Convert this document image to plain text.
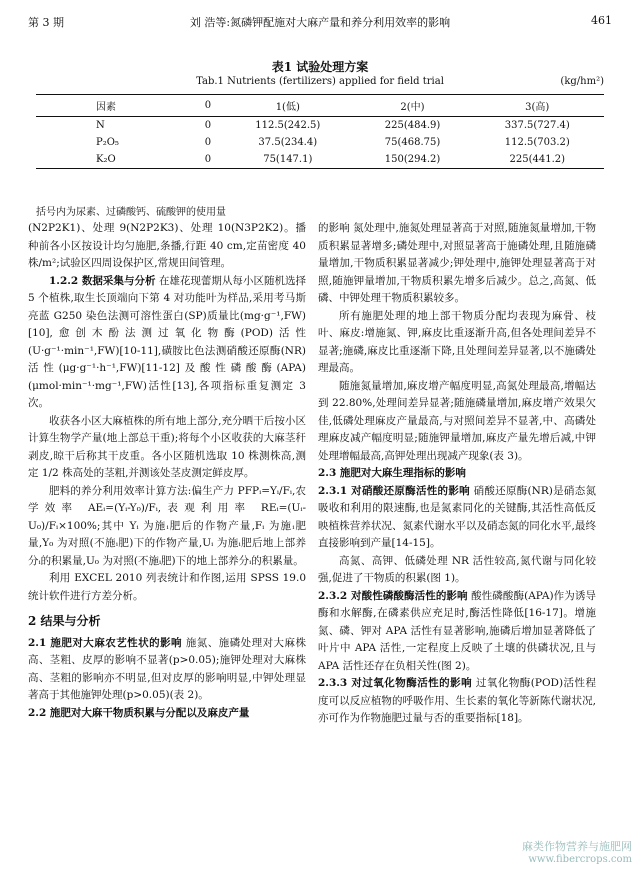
第 3 期	刘 浩等:氮磷钾配施对大麻产量和养分利用效率的影响	461
表1 试验处理方案
Tab.1 Nutrients (fertilizers) applied for field trial	(kg/hm²)
因素	0	1(低)	2(中)	3(高)
N	0	112.5(242.5)	225(484.9)	337.5(727.4)
P₂O₅	0	37.5(234.4)	75(468.75)	112.5(703.2)
K₂O	0	75(147.1)	150(294.2)	225(441.2)
括号内为尿素、过磷酸钙、硫酸钾的使用量

(N2P2K1)、处理 9(N2P2K3)、处理 10(N3P2K2)。播种前各小区按设计均匀施肥,条播,行距 40 cm,定苗密度 40 株/m²;试验区四周设保护区,常规田间管理。

1.2.2 数据采集与分析 在雄花现蕾期从每小区随机选择 5 个植株,取生长顶端向下第 4 对功能叶为样品,采用考马斯亮蓝 G250 染色法测可溶性蛋白(SP)质量比(mg·g⁻¹,FW)[10],愈创木酚法测过氧化物酶(POD)活性(U·g⁻¹·min⁻¹,FW)[10-11],磺胺比色法测硝酸还原酶(NR)活性(μg·g⁻¹·h⁻¹,FW)[11-12]及酸性磷酸酶(APA)(μmol·min⁻¹·mg⁻¹,FW)活性[13],各项指标重复测定 3 次。

收获各小区大麻植株的所有地上部分,充分晒干后按小区计算生物学产量(地上部总干重);将每个小区收获的大麻茎秆剥皮,晾干后称其干皮重。各小区随机选取 10 株测株高,测定 1/2 株高处的茎粗,并测该处茎皮测定鲜皮厚。

肥料的养分利用效率计算方法:偏生产力 PFPᵢ=Yᵢ/Fᵢ,农学效率 AEᵢ=(Yᵢ-Y₀)/Fᵢ,表观利用率 REᵢ=(Uᵢ-U₀)/Fᵢ×100%;其中 Yᵢ 为施ᵢ肥后的作物产量,Fᵢ 为施ᵢ肥量,Y₀ 为对照(不施ᵢ肥)下的作物产量,Uᵢ 为施ᵢ肥后地上部养分ᵢ的积累量,U₀ 为对照(不施ᵢ肥)下的地上部养分ᵢ的积累量。

利用 EXCEL 2010 列表统计和作图,运用 SPSS 19.0 统计软件进行方差分析。

2 结果与分析

2.1 施肥对大麻农艺性状的影响 施氮、施磷处理对大麻株高、茎粗、皮厚的影响不显著(p>0.05);施钾处理对大麻株高、茎粗的影响亦不明显,但对皮厚的影响明显,中钾处理显著高于其他施钾处理(p>0.05)(表 2)。

2.2 施肥对大麻干物质积累与分配以及麻皮产量

的影响 氮处理中,施氮处理显著高于对照,随施氮量增加,干物质积累显著增多;磷处理中,对照显著高于施磷处理,且随施磷量增加,干物质积累显著减少;钾处理中,施钾处理显著高于对照,随施钾量增加,干物质积累先增多后减少。总之,高氮、低磷、中钾处理干物质积累较多。

所有施肥处理的地上部干物质分配均表现为麻骨、枝叶、麻皮:增施氮、钾,麻皮比重逐渐升高,但各处理间差异不显著;施磷,麻皮比重逐渐下降,且处理间差异显著,以不施磷处理最高。

随施氮量增加,麻皮增产幅度明显,高氮处理最高,增幅达到 22.80%,处理间差异显著;随施磷量增加,麻皮增产效果欠佳,低磷处理麻皮产量最高,与对照间差异不显著,中、高磷处理麻皮减产幅度明显;随施钾量增加,麻皮产量先增后减,中钾处理增幅最高,高钾处理出现减产现象(表 3)。

2.3 施肥对大麻生理指标的影响

2.3.1 对硝酸还原酶活性的影响 硝酸还原酶(NR)是硝态氮吸收和利用的限速酶,也是氮素同化的关键酶,其活性高低反映植株营养状况、氮素代谢水平以及硝态氮的同化水平,最终直接影响到产量[14-15]。

高氮、高钾、低磷处理 NR 活性较高,氮代谢与同化较强,促进了干物质的积累(图 1)。

2.3.2 对酸性磷酸酶活性的影响 酸性磷酸酶(APA)作为诱导酶和水解酶,在磷素供应充足时,酶活性降低[16-17]。增施氮、磷、钾对 APA 活性有显著影响,施磷后增加显著降低了叶片中 APA 活性,一定程度上反映了土壤的供磷状况,且与 APA 活性还存在负相关性(图 2)。

2.3.3 对过氧化物酶活性的影响 过氧化物酶(POD)活性程度可以反应植物的呼吸作用、生长素的氧化等新陈代谢状况,亦可作为作物施肥过量与否的重要指标[18]。

麻类作物营养与施肥网
www.fibercrops.com
